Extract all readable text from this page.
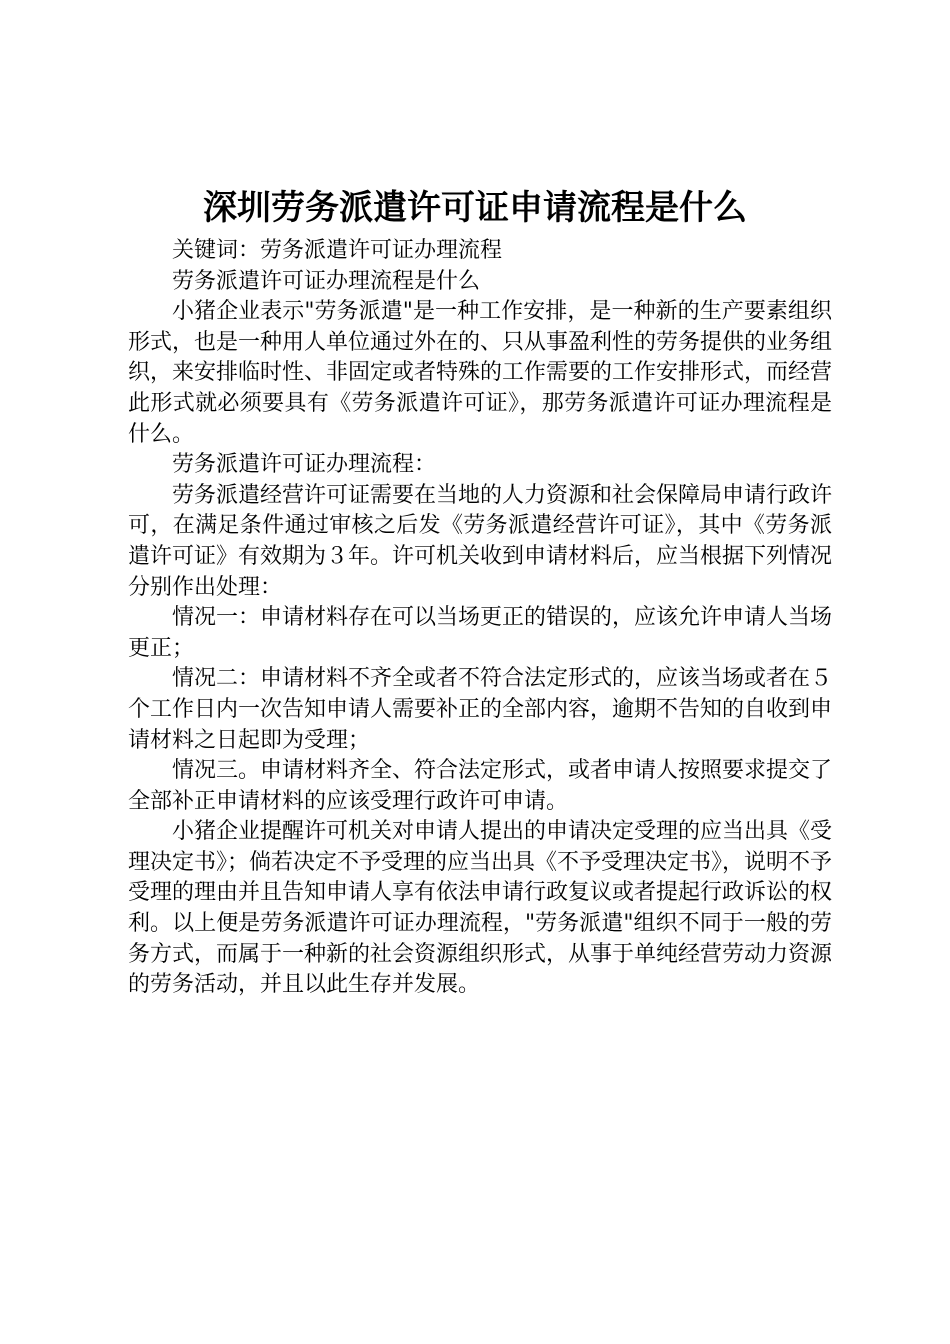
深圳劳务派遣许可证申请流程是什么

关键词：劳务派遣许可证办理流程

劳务派遣许可证办理流程是什么

小猪企业表示"劳务派遣"是一种工作安排，是一种新的生产要素组织形式，也是一种用人单位通过外在的、只从事盈利性的劳务提供的业务组织，来安排临时性、非固定或者特殊的工作需要的工作安排形式，而经营此形式就必须要具有《劳务派遣许可证》，那劳务派遣许可证办理流程是什么。

劳务派遣许可证办理流程：

劳务派遣经营许可证需要在当地的人力资源和社会保障局申请行政许可，在满足条件通过审核之后发《劳务派遣经营许可证》，其中《劳务派遣许可证》有效期为３年。许可机关收到申请材料后，应当根据下列情况分别作出处理：

情况一：申请材料存在可以当场更正的错误的，应该允许申请人当场更正；

情况二：申请材料不齐全或者不符合法定形式的，应该当场或者在５个工作日内一次告知申请人需要补正的全部内容，逾期不告知的自收到申请材料之日起即为受理；

情况三。申请材料齐全、符合法定形式，或者申请人按照要求提交了全部补正申请材料的应该受理行政许可申请。

小猪企业提醒许可机关对申请人提出的申请决定受理的应当出具《受理决定书》；倘若决定不予受理的应当出具《不予受理决定书》，说明不予受理的理由并且告知申请人享有依法申请行政复议或者提起行政诉讼的权利。以上便是劳务派遣许可证办理流程，"劳务派遣"组织不同于一般的劳务方式，而属于一种新的社会资源组织形式，从事于单纯经营劳动力资源的劳务活动，并且以此生存并发展。
